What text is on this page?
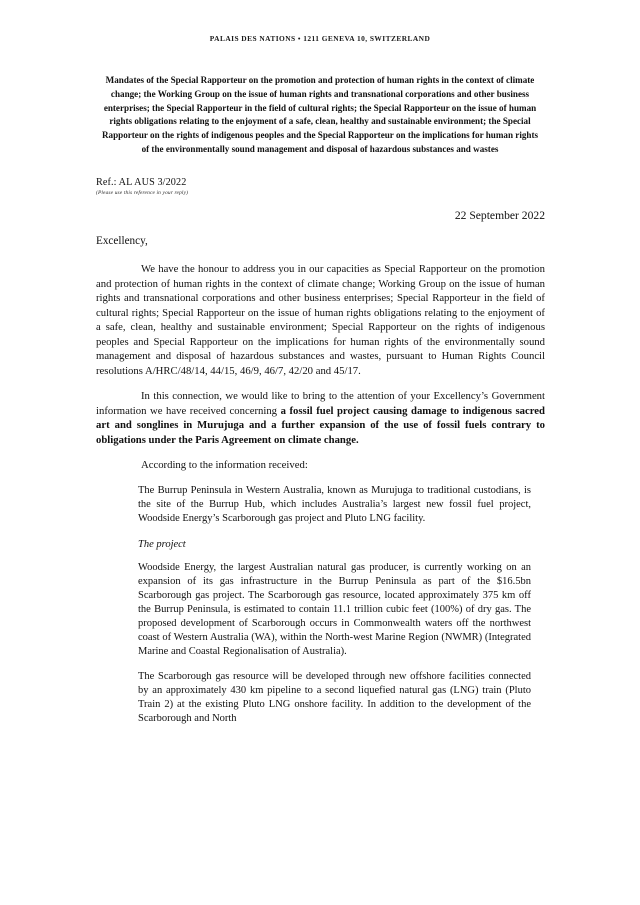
PALAIS DES NATIONS • 1211 GENEVA 10, SWITZERLAND
Mandates of the Special Rapporteur on the promotion and protection of human rights in the context of climate change; the Working Group on the issue of human rights and transnational corporations and other business enterprises; the Special Rapporteur in the field of cultural rights; the Special Rapporteur on the issue of human rights obligations relating to the enjoyment of a safe, clean, healthy and sustainable environment; the Special Rapporteur on the rights of indigenous peoples and the Special Rapporteur on the implications for human rights of the environmentally sound management and disposal of hazardous substances and wastes
Ref.: AL AUS 3/2022
(Please use this reference in your reply)
22 September 2022
Excellency,

We have the honour to address you in our capacities as Special Rapporteur on the promotion and protection of human rights in the context of climate change; Working Group on the issue of human rights and transnational corporations and other business enterprises; Special Rapporteur in the field of cultural rights; Special Rapporteur on the issue of human rights obligations relating to the enjoyment of a safe, clean, healthy and sustainable environment; Special Rapporteur on the rights of indigenous peoples and Special Rapporteur on the implications for human rights of the environmentally sound management and disposal of hazardous substances and wastes, pursuant to Human Rights Council resolutions A/HRC/48/14, 44/15, 46/9, 46/7, 42/20 and 45/17.

In this connection, we would like to bring to the attention of your Excellency’s Government information we have received concerning a fossil fuel project causing damage to indigenous sacred art and songlines in Murujuga and a further expansion of the use of fossil fuels contrary to obligations under the Paris Agreement on climate change.

According to the information received:

The Burrup Peninsula in Western Australia, known as Murujuga to traditional custodians, is the site of the Burrup Hub, which includes Australia’s largest new fossil fuel project, Woodside Energy’s Scarborough gas project and Pluto LNG facility.
The project
Woodside Energy, the largest Australian natural gas producer, is currently working on an expansion of its gas infrastructure in the Burrup Peninsula as part of the $16.5bn Scarborough gas project. The Scarborough gas resource, located approximately 375 km off the Burrup Peninsula, is estimated to contain 11.1 trillion cubic feet (100%) of dry gas. The proposed development of Scarborough occurs in Commonwealth waters off the northwest coast of Western Australia (WA), within the North-west Marine Region (NWMR) (Integrated Marine and Coastal Regionalisation of Australia).
The Scarborough gas resource will be developed through new offshore facilities connected by an approximately 430 km pipeline to a second liquefied natural gas (LNG) train (Pluto Train 2) at the existing Pluto LNG onshore facility. In addition to the development of the Scarborough and North
